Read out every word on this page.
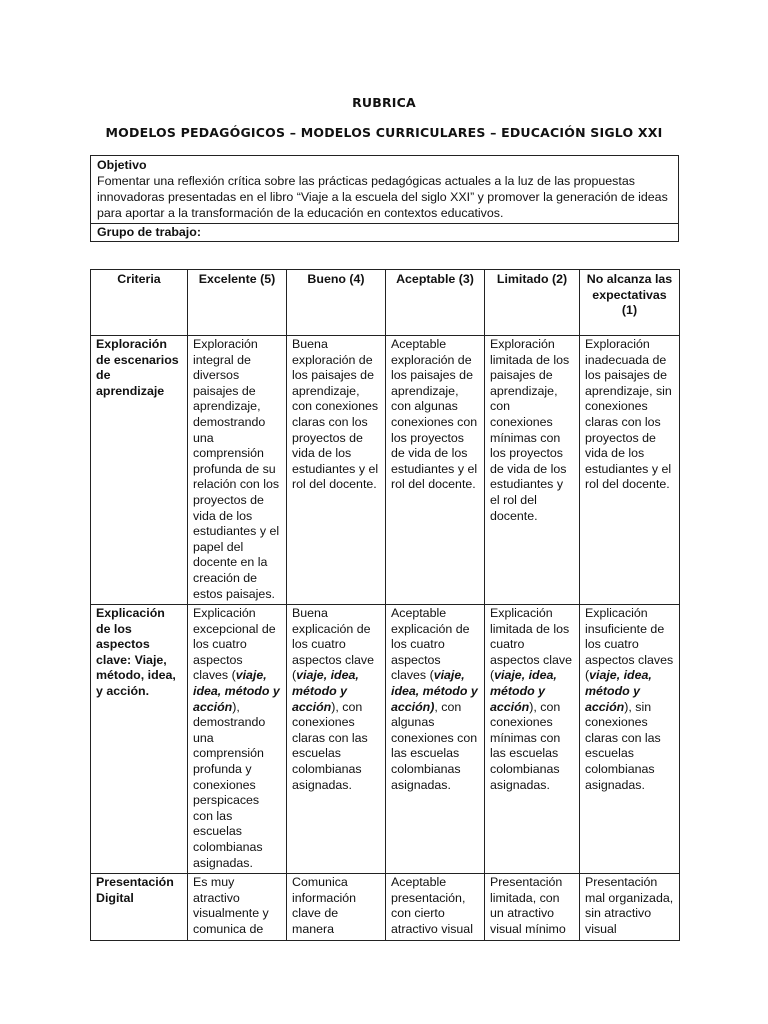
RUBRICA
MODELOS PEDAGÓGICOS – MODELOS CURRICULARES – EDUCACIÓN SIGLO XXI
Objetivo
Fomentar una reflexión crítica sobre las prácticas pedagógicas actuales a la luz de las propuestas innovadoras presentadas en el libro “Viaje a la escuela del siglo XXI” y promover la generación de ideas para aportar a la transformación de la educación en contextos educativos.
Grupo de trabajo:
Criteria	Excelente (5)	Bueno (4)	Aceptable (3)	Limitado (2)	No alcanza las expectativas (1)
Exploración de escenarios de aprendizaje	Exploración integral de diversos paisajes de aprendizaje, demostrando una comprensión profunda de su relación con los proyectos de vida de los estudiantes y el papel del docente en la creación de estos paisajes.	Buena exploración de los paisajes de aprendizaje, con conexiones claras con los proyectos de vida de los estudiantes y el rol del docente.	Aceptable exploración de los paisajes de aprendizaje, con algunas conexiones con los proyectos de vida de los estudiantes y el rol del docente.	Exploración limitada de los paisajes de aprendizaje, con conexiones mínimas con los proyectos de vida de los estudiantes y el rol del docente.	Exploración inadecuada de los paisajes de aprendizaje, sin conexiones claras con los proyectos de vida de los estudiantes y el rol del docente.
Explicación de los aspectos clave: Viaje, método, idea, y acción.	Explicación excepcional de los cuatro aspectos claves (viaje, idea, método y acción), demostrando una comprensión profunda y conexiones perspicaces con las escuelas colombianas asignadas.	Buena explicación de los cuatro aspectos clave (viaje, idea, método y acción), con conexiones claras con las escuelas colombianas asignadas.	Aceptable explicación de los cuatro aspectos claves (viaje, idea, método y acción), con algunas conexiones con las escuelas colombianas asignadas.	Explicación limitada de los cuatro aspectos clave (viaje, idea, método y acción), con conexiones mínimas con las escuelas colombianas asignadas.	Explicación insuficiente de los cuatro aspectos claves (viaje, idea, método y acción), sin conexiones claras con las escuelas colombianas asignadas.
Presentación Digital	Es muy atractivo visualmente y comunica de	Comunica información clave de manera	Aceptable presentación, con cierto atractivo visual	Presentación limitada, con un atractivo visual mínimo	Presentación mal organizada, sin atractivo visual
